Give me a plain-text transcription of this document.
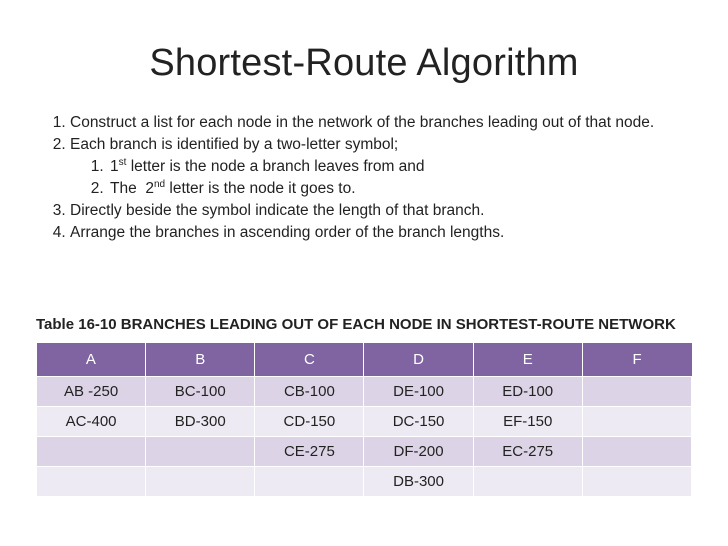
Shortest-Route Algorithm
1. Construct a list for each node in the network of the branches leading out of that node.
2. Each branch is identified by a two-letter symbol;
1. 1st letter is the node a branch leaves from and
2. The  2nd letter is the node it goes to.
3. Directly beside the symbol indicate the length of that branch.
4. Arrange the branches in ascending order of the branch lengths.
Table 16-10 BRANCHES LEADING OUT OF EACH NODE IN SHORTEST-ROUTE NETWORK
A	B	C	D	E	F
AB -250	BC-100	CB-100	DE-100	ED-100	
AC-400	BD-300	CD-150	DC-150	EF-150	
		CE-275	DF-200	EC-275	
			DB-300		
